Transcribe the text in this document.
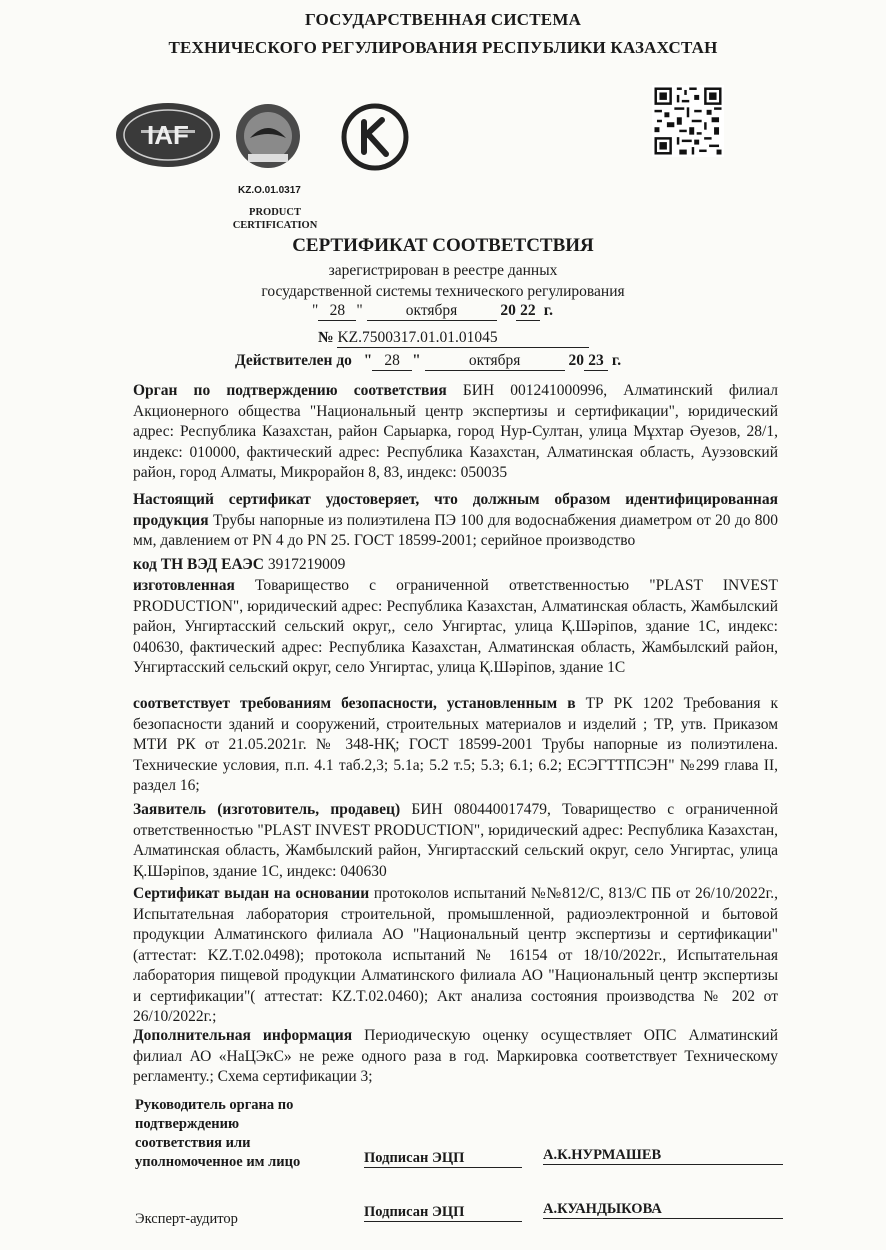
ГОСУДАРСТВЕННАЯ СИСТЕМА
ТЕХНИЧЕСКОГО РЕГУЛИРОВАНИЯ РЕСПУБЛИКИ КАЗАХСТАН
IAF
KZ.O.01.0317
PRODUCT CERTIFICATION
СЕРТИФИКАТ СООТВЕТСТВИЯ
зарегистрирован в реестре данных
государственной системы технического регулирования
" 28 "	октября	20 22 г.
№ KZ.7500317.01.01.01045
Действителен до   " 28 "	октября	20 23 г.
Орган по подтверждению соответствия БИН 001241000996, Алматинский филиал Акционерного общества "Национальный центр экспертизы и сертификации", юридический адрес: Республика Казахстан, район Сарыарка, город Нур-Султан, улица Мұхтар Әуезов, 28/1, индекс: 010000, фактический адрес: Республика Казахстан, Алматинская область, Ауэзовский район, город Алматы, Микрорайон 8, 83, индекс: 050035
Настоящий сертификат удостоверяет, что должным образом идентифицированная продукция Трубы напорные из полиэтилена ПЭ 100 для водоснабжения диаметром от 20 до 800 мм, давлением от PN 4 до PN 25. ГОСТ 18599-2001; серийное производство
код ТН ВЭД ЕАЭС 3917219009
изготовленная Товарищество с ограниченной ответственностью "PLAST INVEST PRODUCTION", юридический адрес: Республика Казахстан, Алматинская область, Жамбылский район, Унгиртасский сельский округ,, село Унгиртас, улица Қ.Шәріпов, здание 1С, индекс: 040630, фактический адрес: Республика Казахстан, Алматинская область, Жамбылский район, Унгиртасский сельский округ, село Унгиртас, улица Қ.Шәріпов, здание 1С
соответствует требованиям безопасности, установленным в ТР РК 1202 Требования к безопасности зданий и сооружений, строительных материалов и изделий ; ТР, утв. Приказом МТИ РК от 21.05.2021г. № 348-НҚ; ГОСТ 18599-2001 Трубы напорные из полиэтилена. Технические условия, п.п. 4.1 таб.2,3; 5.1а; 5.2 т.5; 5.3; 6.1; 6.2; ЕСЭГТТПСЭН" №299 глава II, раздел 16;
Заявитель (изготовитель, продавец) БИН 080440017479, Товарищество с ограниченной ответственностью "PLAST INVEST PRODUCTION", юридический адрес: Республика Казахстан, Алматинская область, Жамбылский район, Унгиртасский сельский округ, село Унгиртас, улица Қ.Шәріпов, здание 1С, индекс: 040630
Сертификат выдан на основании протоколов испытаний №№812/С, 813/С ПБ от 26/10/2022г., Испытательная лаборатория строительной, промышленной, радиоэлектронной и бытовой продукции Алматинского филиала АО "Национальный центр экспертизы и сертификации" (аттестат: KZ.T.02.0498); протокола испытаний № 16154 от 18/10/2022г., Испытательная лаборатория пищевой продукции Алматинского филиала АО "Национальный центр экспертизы и сертификации"( аттестат: KZ.T.02.0460); Акт анализа состояния производства № 202 от 26/10/2022г.;
Дополнительная информация Периодическую оценку осуществляет ОПС Алматинский филиал АО «НаЦЭкС» не реже одного раза в год. Маркировка соответствует Техническому регламенту.; Схема сертификации 3;
Руководитель органа по
подтверждению
соответствия или
уполномоченное им лицо	Подписан ЭЦП	А.К.НУРМАШЕВ
Эксперт-аудитор	Подписан ЭЦП	А.КУАНДЫКОВА
